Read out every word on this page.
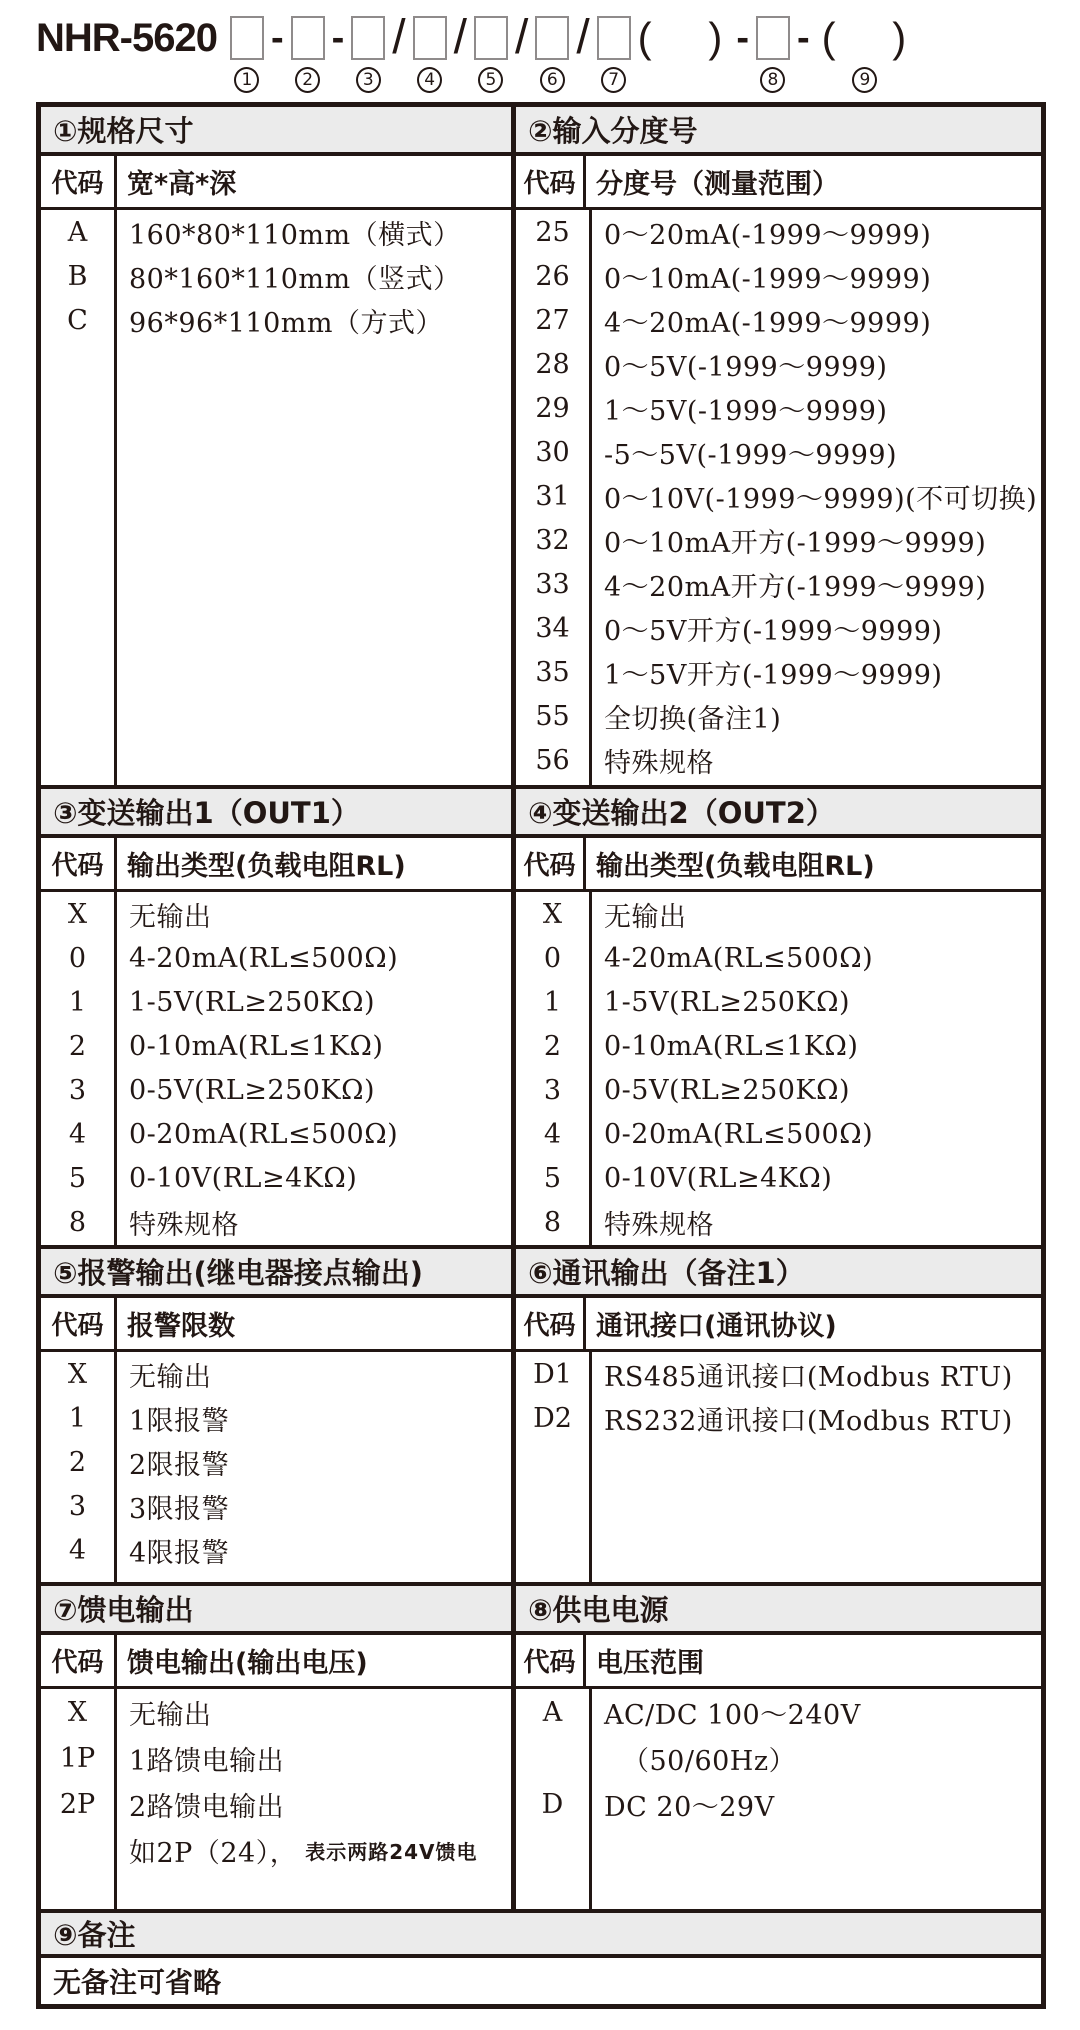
NHR-5620
1
-
2
-
3
/
4
/
5
/
6
/
7
(    ) -
8
- (    )
9
①规格尺寸	②输入分度号
代码 宽*高*深	代码 分度号（测量范围）
A	160*80*110mm（横式）
B	80*160*110mm（竖式）
C	96*96*110mm（方式）
25	0～20mA(-1999～9999)
26	0～10mA(-1999～9999)
27	4～20mA(-1999～9999)
28	0～5V(-1999～9999)
29	1～5V(-1999～9999)
30	-5～5V(-1999～9999)
31	0～10V(-1999～9999)(不可切换)
32	0～10mA开方(-1999～9999)
33	4～20mA开方(-1999～9999)
34	0～5V开方(-1999～9999)
35	1～5V开方(-1999～9999)
55	全切换(备注1)
56	特殊规格
③变送输出1（OUT1）	④变送输出2（OUT2）
代码 输出类型(负载电阻RL)	代码 输出类型(负载电阻RL)
X	无输出
0	4-20mA(RL≤500Ω)
1	1-5V(RL≥250KΩ)
2	0-10mA(RL≤1KΩ)
3	0-5V(RL≥250KΩ)
4	0-20mA(RL≤500Ω)
5	0-10V(RL≥4KΩ)
8	特殊规格
X	无输出
0	4-20mA(RL≤500Ω)
1	1-5V(RL≥250KΩ)
2	0-10mA(RL≤1KΩ)
3	0-5V(RL≥250KΩ)
4	0-20mA(RL≤500Ω)
5	0-10V(RL≥4KΩ)
8	特殊规格
⑤报警输出(继电器接点输出)	⑥通讯输出（备注1）
代码 报警限数	代码 通讯接口(通讯协议)
X	无输出
1	1限报警
2	2限报警
3	3限报警
4	4限报警
D1	RS485通讯接口(Modbus RTU)
D2	RS232通讯接口(Modbus RTU)
⑦馈电输出	⑧供电电源
代码 馈电输出(输出电压)	代码 电压范围
X	无输出
1P	1路馈电输出
2P	2路馈电输出
如2P（24）， 表示两路24V馈电
A	AC/DC 100～240V
（50/60Hz）
D	DC 20～29V
⑨备注
无备注可省略
